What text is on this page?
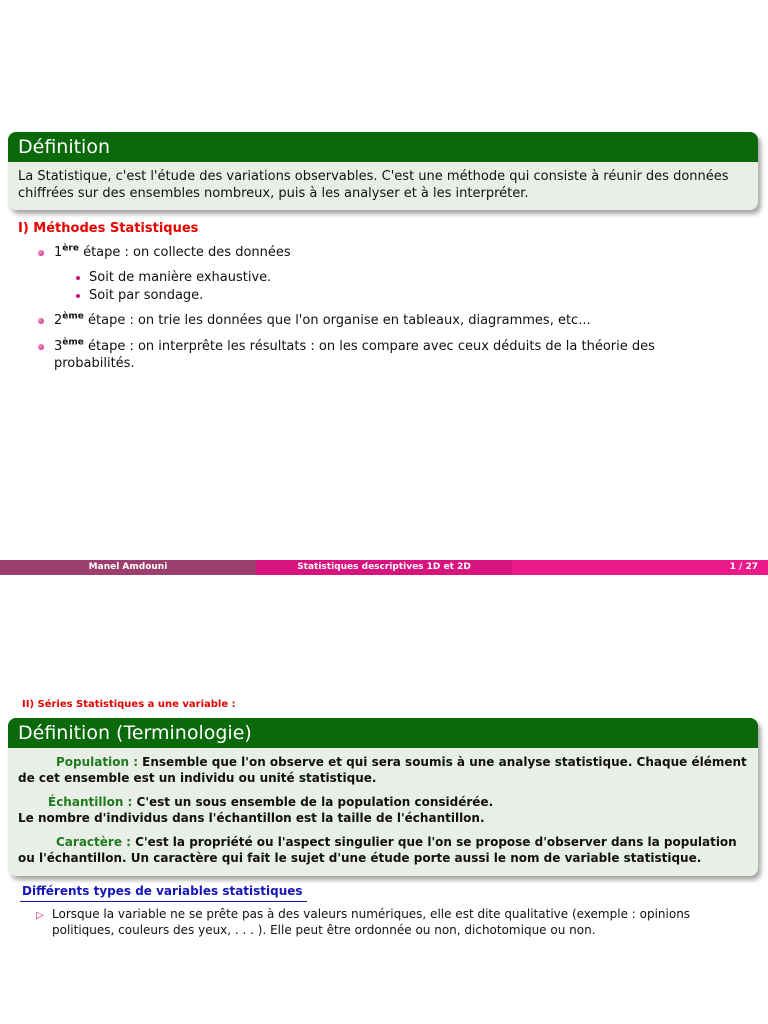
Définition
La Statistique, c'est l'étude des variations observables. C'est une méthode qui consiste à réunir des données chiffrées sur des ensembles nombreux, puis à les analyser et à les interpréter.
I) Méthodes Statistiques
1ère étape : on collecte des données
Soit de manière exhaustive.
Soit par sondage.
2ème étape : on trie les données que l'on organise en tableaux, diagrammes, etc...
3ème étape : on interprête les résultats : on les compare avec ceux déduits de la théorie des probabilités.
Manel Amdouni	Statistiques descriptives 1D et 2D	1 / 27
II) Séries Statistiques a une variable :
Définition (Terminologie)
Population : Ensemble que l'on observe et qui sera soumis à une analyse statistique. Chaque élément de cet ensemble est un individu ou unité statistique.
Échantillon : C'est un sous ensemble de la population considérée.
Le nombre d'individus dans l'échantillon est la taille de l'échantillon.
Caractère : C'est la propriété ou l'aspect singulier que l'on se propose d'observer dans la population ou l'échantillon. Un caractère qui fait le sujet d'une étude porte aussi le nom de variable statistique.
Différents types de variables statistiques
▷ Lorsque la variable ne se prête pas à des valeurs numériques, elle est dite qualitative (exemple : opinions politiques, couleurs des yeux, . . . ). Elle peut être ordonnée ou non, dichotomique ou non.
